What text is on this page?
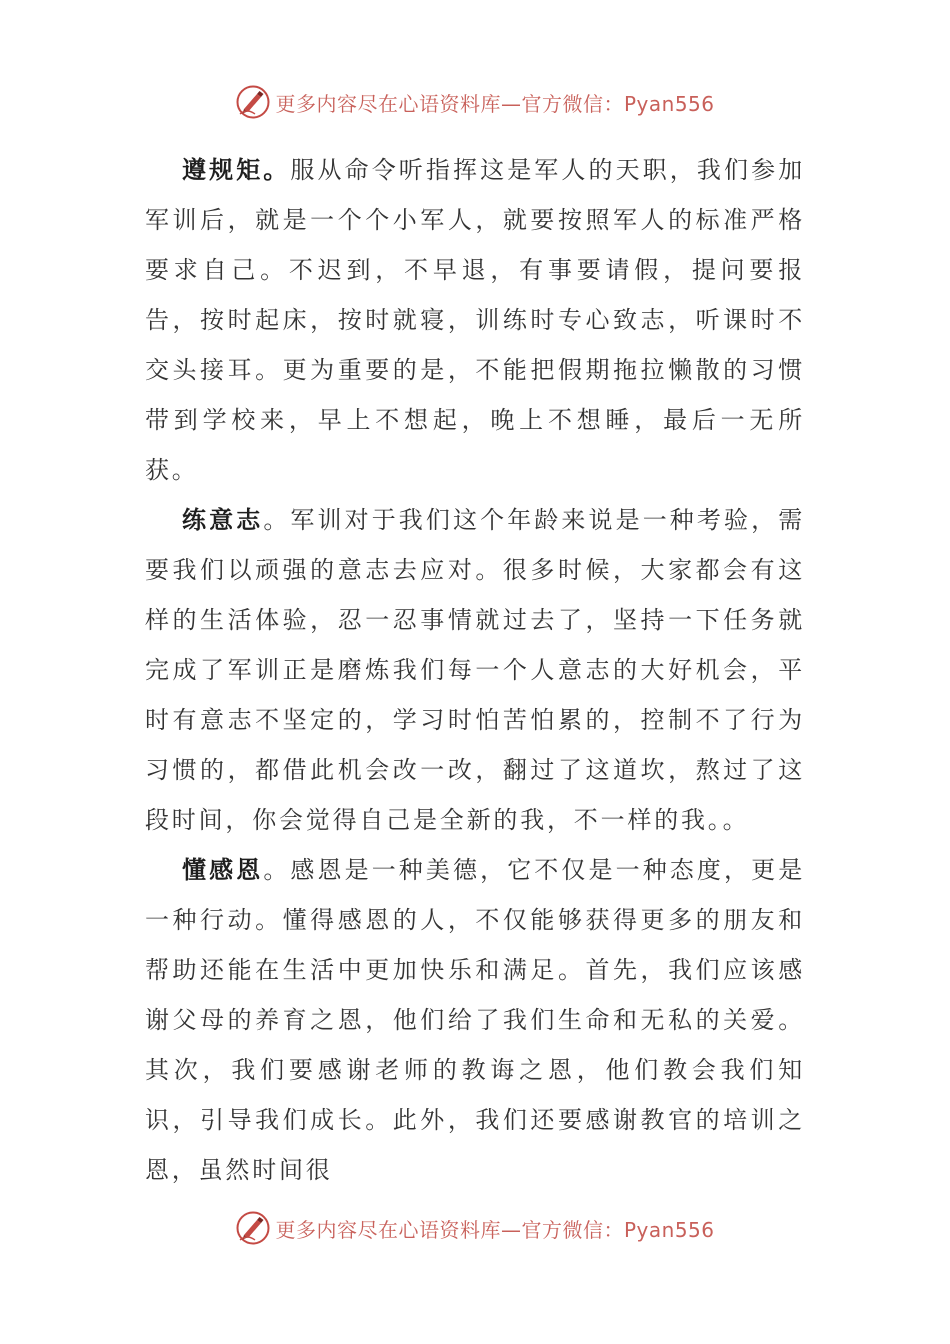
更多内容尽在心语资料库—官方微信：Pyan556

遵规矩。服从命令听指挥这是军人的天职，我们参加军训后，就是一个个小军人，就要按照军人的标准严格要求自己。不迟到，不早退，有事要请假，提问要报告，按时起床，按时就寝，训练时专心致志，听课时不交头接耳。更为重要的是，不能把假期拖拉懒散的习惯带到学校来，早上不想起，晚上不想睡，最后一无所获。

练意志。军训对于我们这个年龄来说是一种考验，需要我们以顽强的意志去应对。很多时候，大家都会有这样的生活体验，忍一忍事情就过去了，坚持一下任务就完成了军训正是磨炼我们每一个人意志的大好机会，平时有意志不坚定的，学习时怕苦怕累的，控制不了行为习惯的，都借此机会改一改，翻过了这道坎，熬过了这段时间，你会觉得自己是全新的我，不一样的我。。

懂感恩。感恩是一种美德，它不仅是一种态度，更是一种行动。懂得感恩的人，不仅能够获得更多的朋友和帮助还能在生活中更加快乐和满足。首先，我们应该感谢父母的养育之恩，他们给了我们生命和无私的关爱。其次，我们要感谢老师的教诲之恩，他们教会我们知识，引导我们成长。此外，我们还要感谢教官的培训之恩，虽然时间很

更多内容尽在心语资料库—官方微信：Pyan556
